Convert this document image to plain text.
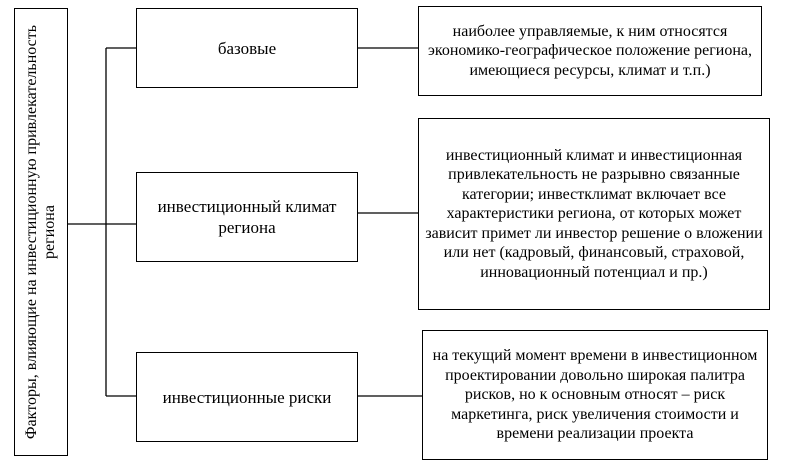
Факторы, влияющие на инвестиционную привлекательность региона
базовые
инвестиционный климат региона
инвестиционные риски
наиболее управляемые, к ним относятся экономико-географическое положение региона, имеющиеся ресурсы, климат и т.п.)
инвестиционный климат и инвестиционная привлекательность не разрывно связанные категории; инвестклимат включает все характеристики региона, от которых может зависит примет ли инвестор решение о вложении или нет (кадровый, финансовый, страховой, инновационный потенциал и пр.)
на текущий момент времени в инвестиционном проектировании довольно широкая палитра рисков, но к основным относят – риск маркетинга, риск увеличения стоимости и времени реализации проекта
